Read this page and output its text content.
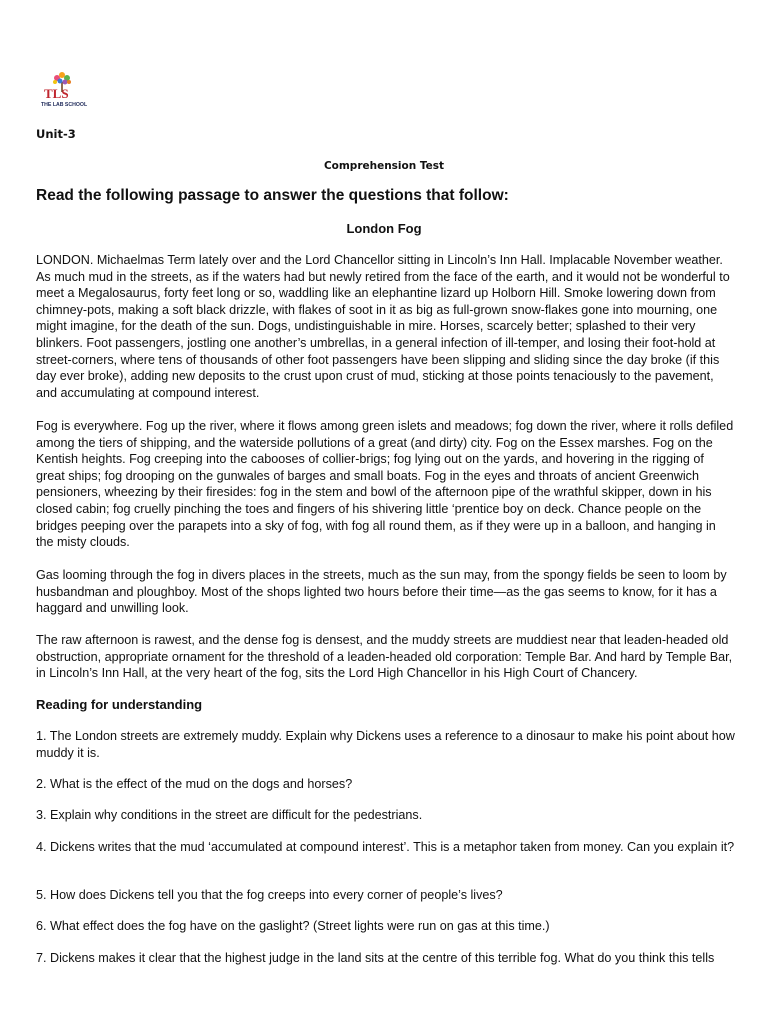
TLS
THE LAB SCHOOL
Unit-3
Comprehension Test
Read the following passage to answer the questions that follow:
London Fog

LONDON. Michaelmas Term lately over and the Lord Chancellor sitting in Lincoln’s Inn Hall. Implacable November weather. As much mud in the streets, as if the waters had but newly retired from the face of the earth, and it would not be wonderful to meet a Megalosaurus, forty feet long or so, waddling like an elephantine lizard up Holborn Hill. Smoke lowering down from chimney-pots, making a soft black drizzle, with flakes of soot in it as big as full-grown snow-flakes gone into mourning, one might imagine, for the death of the sun. Dogs, undistinguishable in mire. Horses, scarcely better; splashed to their very blinkers. Foot passengers, jostling one another’s umbrellas, in a general infection of ill-temper, and losing their foot-hold at street-corners, where tens of thousands of other foot passengers have been slipping and sliding since the day broke (if this day ever broke), adding new deposits to the crust upon crust of mud, sticking at those points tenaciously to the pavement, and accumulating at compound interest.

Fog is everywhere. Fog up the river, where it flows among green islets and meadows; fog down the river, where it rolls defiled among the tiers of shipping, and the waterside pollutions of a great (and dirty) city. Fog on the Essex marshes. Fog on the Kentish heights. Fog creeping into the cabooses of collier-brigs; fog lying out on the yards, and hovering in the rigging of great ships; fog drooping on the gunwales of barges and small boats. Fog in the eyes and throats of ancient Greenwich pensioners, wheezing by their firesides: fog in the stem and bowl of the afternoon pipe of the wrathful skipper, down in his closed cabin; fog cruelly pinching the toes and fingers of his shivering little ‘prentice boy on deck. Chance people on the bridges peeping over the parapets into a sky of fog, with fog all round them, as if they were up in a balloon, and hanging in the misty clouds.

Gas looming through the fog in divers places in the streets, much as the sun may, from the spongy fields be seen to loom by husbandman and ploughboy. Most of the shops lighted two hours before their time—as the gas seems to know, for it has a haggard and unwilling look.

The raw afternoon is rawest, and the dense fog is densest, and the muddy streets are muddiest near that leaden-headed old obstruction, appropriate ornament for the threshold of a leaden-headed old corporation: Temple Bar. And hard by Temple Bar, in Lincoln’s Inn Hall, at the very heart of the fog, sits the Lord High Chancellor in his High Court of Chancery.

Reading for understanding

1. The London streets are extremely muddy. Explain why Dickens uses a reference to a dinosaur to make his point about how muddy it is.

2. What is the effect of the mud on the dogs and horses?

3. Explain why conditions in the street are difficult for the pedestrians.

4. Dickens writes that the mud ‘accumulated at compound interest’. This is a metaphor taken from money. Can you explain it?

5. How does Dickens tell you that the fog creeps into every corner of people’s lives?

6. What effect does the fog have on the gaslight? (Street lights were run on gas at this time.)

7. Dickens makes it clear that the highest judge in the land sits at the centre of this terrible fog. What do you think this tells
